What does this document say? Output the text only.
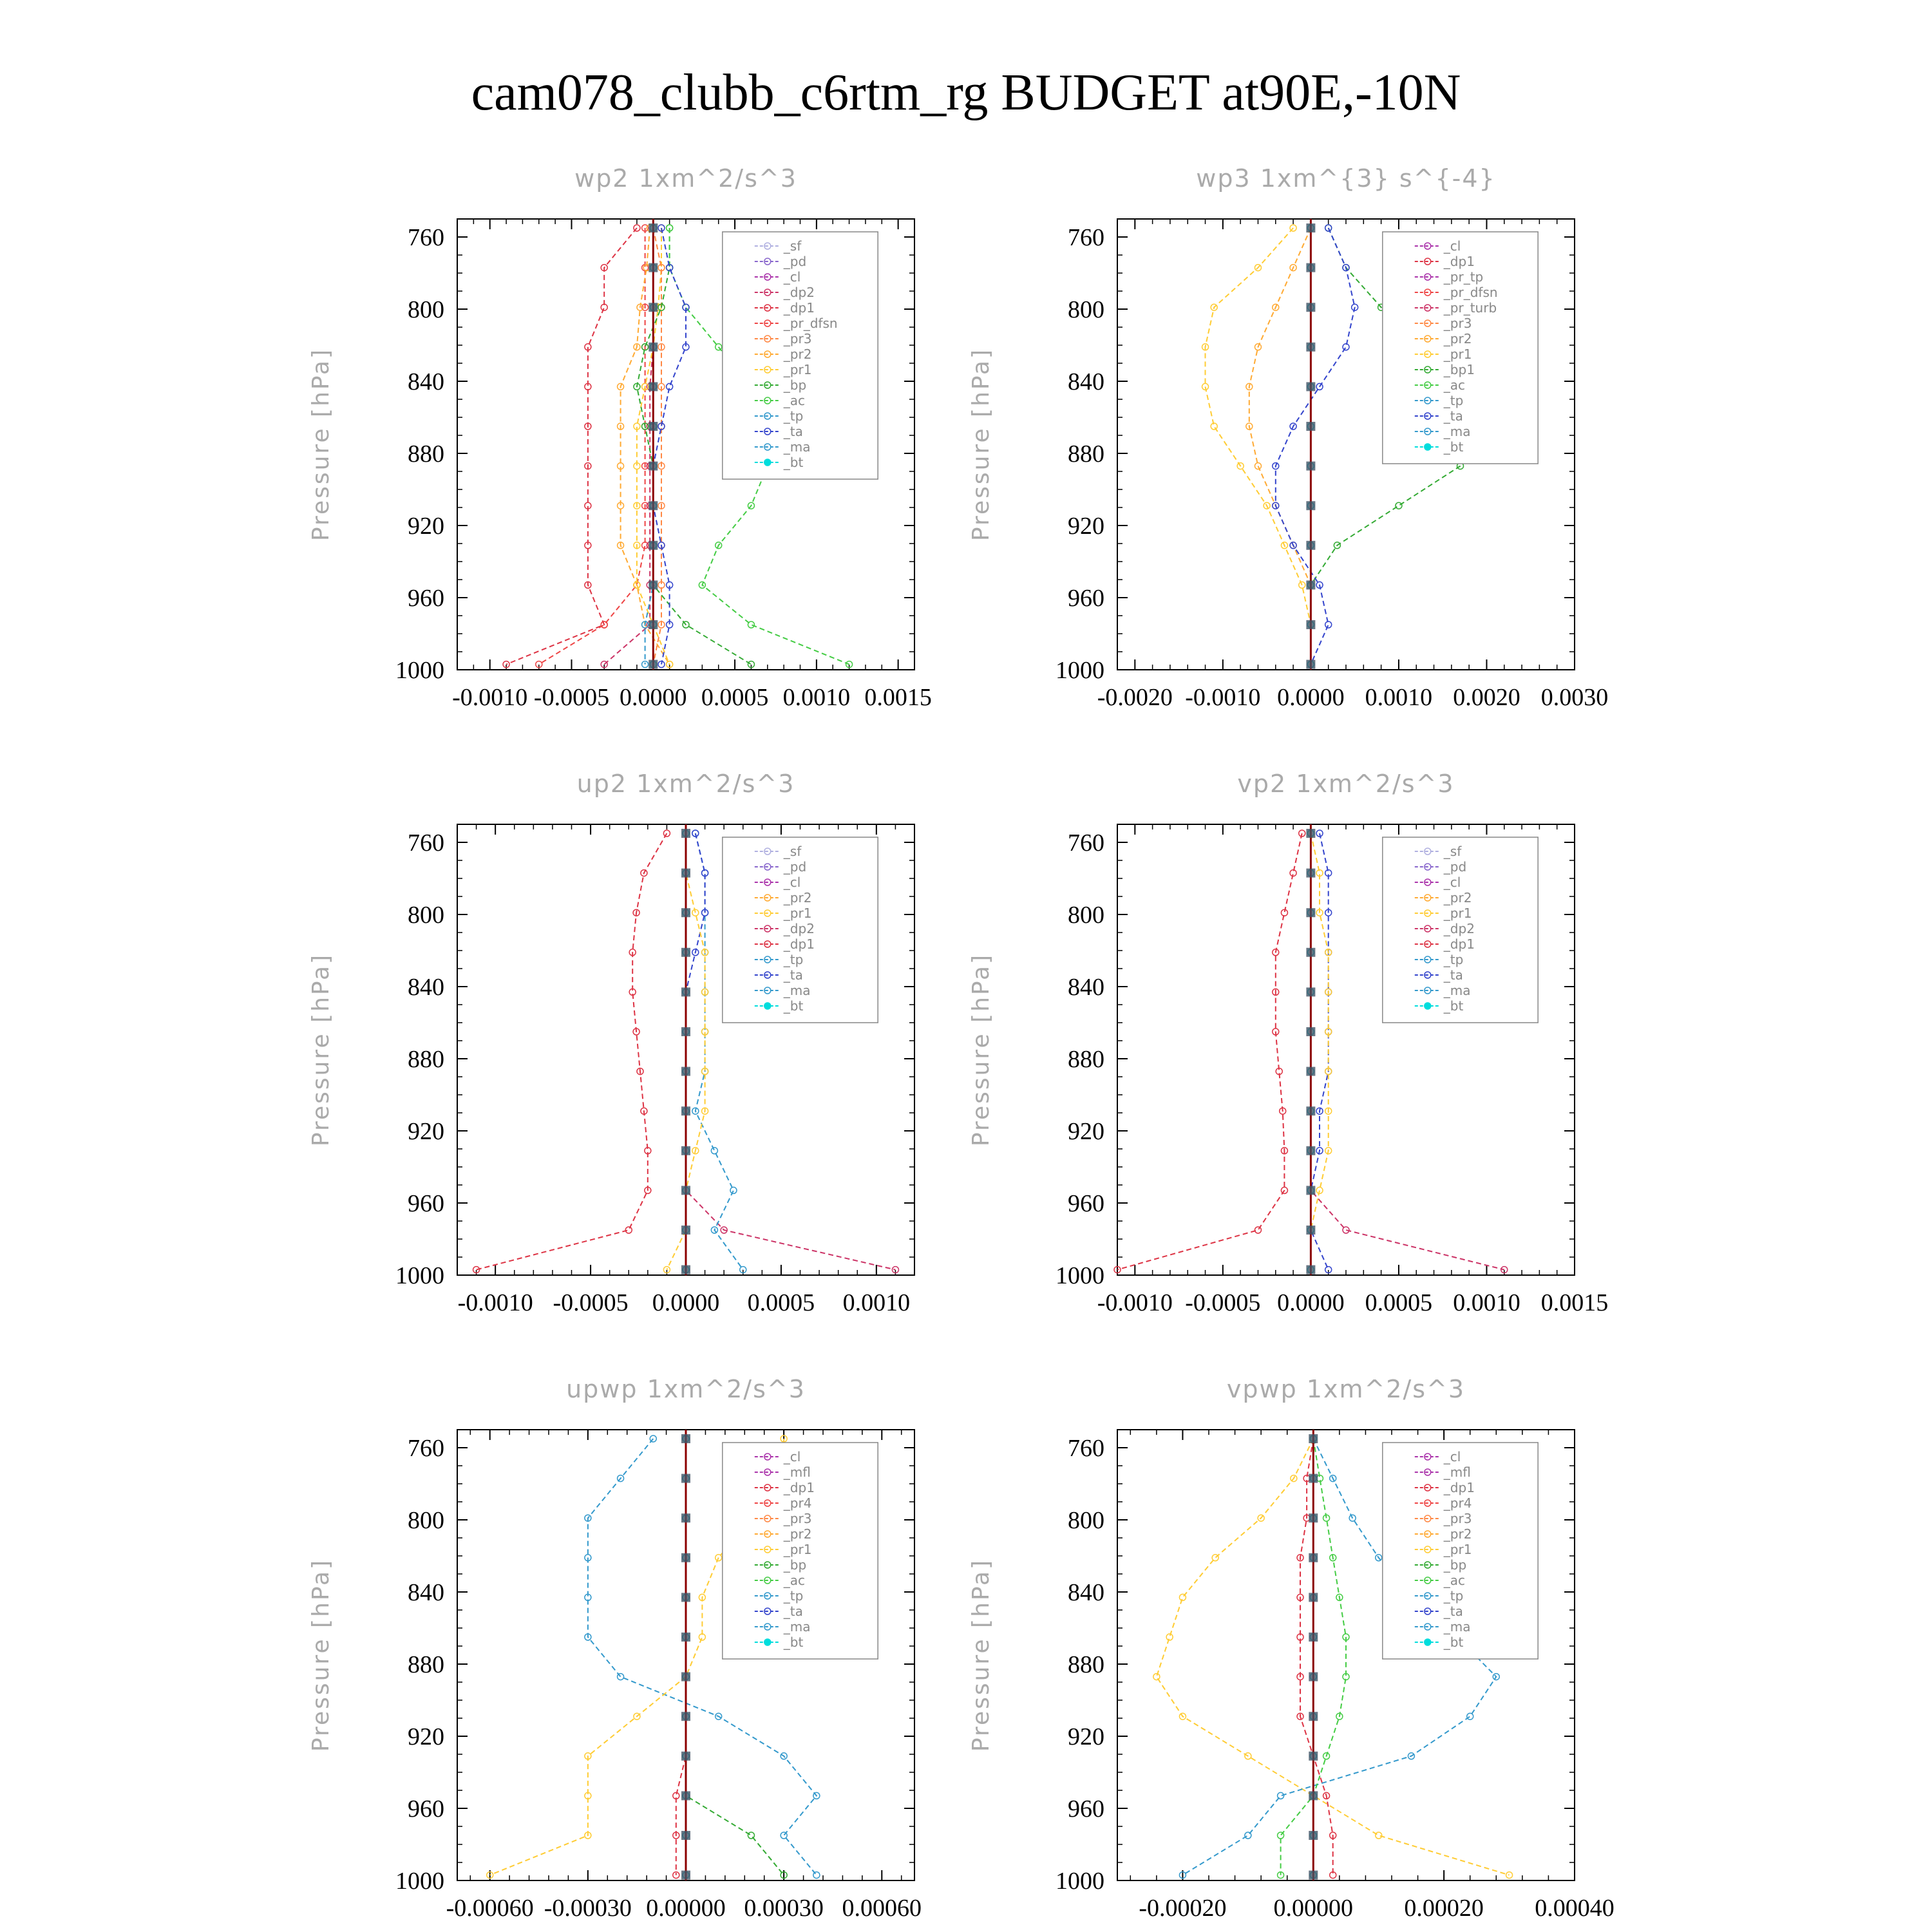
cam078_clubb_c6rtm_rg BUDGET at90E,-10N
wp2 1xm^2/s^3
Pressure [hPa]
760
800
840
880
920
960
1000
-0.0010 -0.0005 0.0000 0.0005 0.0010 0.0015
_sf
_pd
_cl
_dp2
_dp1
_pr_dfsn
_pr3
_pr2
_pr1
_bp
_ac
_tp
_ta
_ma
_bt
wp3 1xm^{3} s^{-4}
Pressure [hPa]
760
800
840
880
920
960
1000
-0.0020 -0.0010 0.0000 0.0010 0.0020 0.0030
_cl
_dp1
_pr_tp
_pr_dfsn
_pr_turb
_pr3
_pr2
_pr1
_bp1
_ac
_tp
_ta
_ma
_bt
up2 1xm^2/s^3
Pressure [hPa]
760
800
840
880
920
960
1000
-0.0010 -0.0005 0.0000 0.0005 0.0010
_sf
_pd
_cl
_pr2
_pr1
_dp2
_dp1
_tp
_ta
_ma
_bt
vp2 1xm^2/s^3
Pressure [hPa]
760
800
840
880
920
960
1000
-0.0010 -0.0005 0.0000 0.0005 0.0010 0.0015
_sf
_pd
_cl
_pr2
_pr1
_dp2
_dp1
_tp
_ta
_ma
_bt
upwp 1xm^2/s^3
Pressure [hPa]
760
800
840
880
920
960
1000
-0.00060 -0.00030 0.00000 0.00030 0.00060
_cl
_mfl
_dp1
_pr4
_pr3
_pr2
_pr1
_bp
_ac
_tp
_ta
_ma
_bt
vpwp 1xm^2/s^3
Pressure [hPa]
760
800
840
880
920
960
1000
-0.00020 0.00000 0.00020 0.00040
_cl
_mfl
_dp1
_pr4
_pr3
_pr2
_pr1
_bp
_ac
_tp
_ta
_ma
_bt
